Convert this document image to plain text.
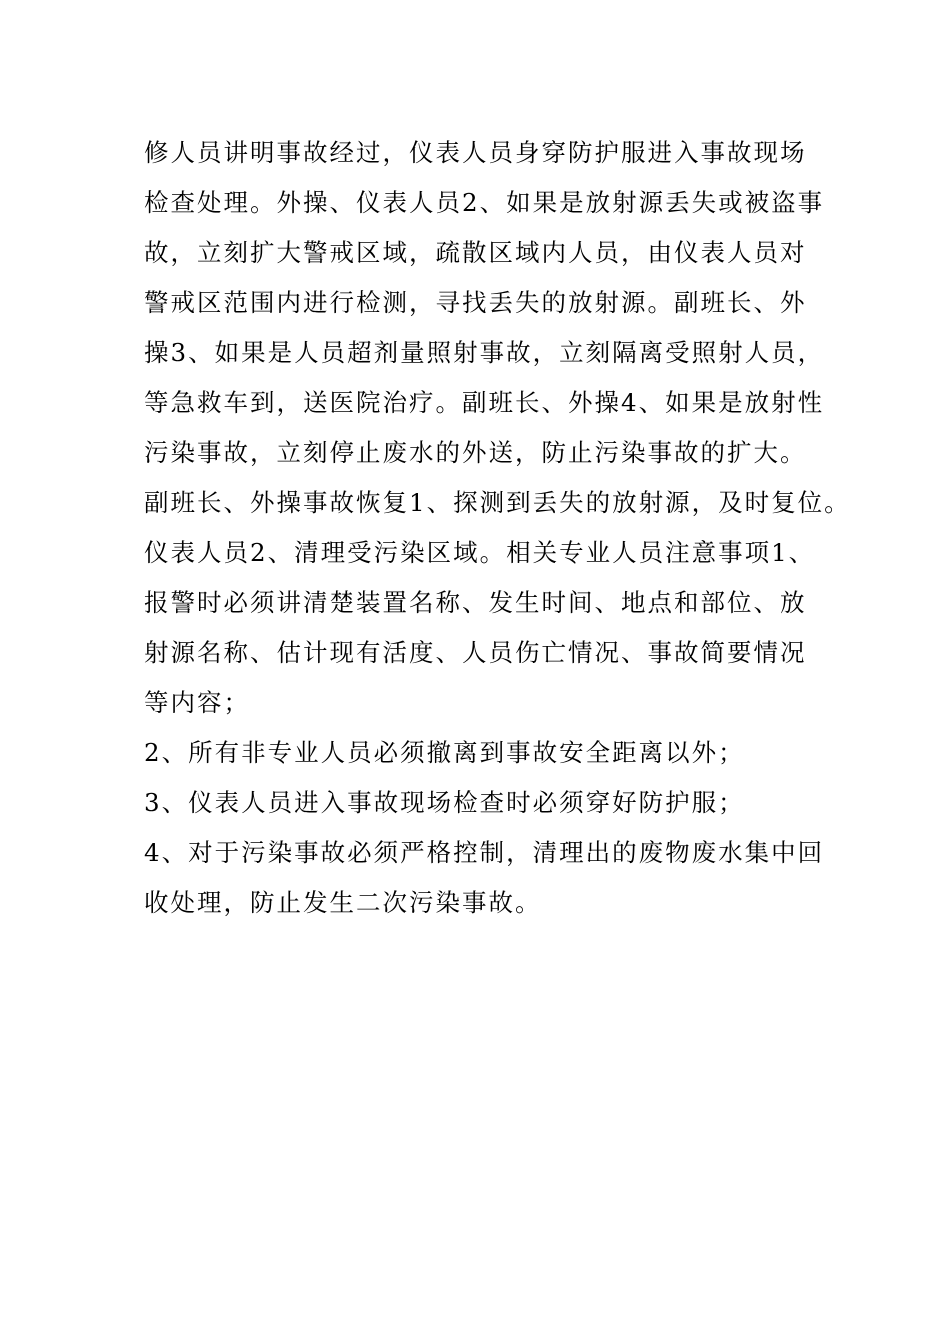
修人员讲明事故经过，仪表人员身穿防护服进入事故现场
检查处理。外操、仪表人员2、如果是放射源丢失或被盗事
故，立刻扩大警戒区域，疏散区域内人员，由仪表人员对
警戒区范围内进行检测，寻找丢失的放射源。副班长、外
操3、如果是人员超剂量照射事故，立刻隔离受照射人员，
等急救车到，送医院治疗。副班长、外操4、如果是放射性
污染事故，立刻停止废水的外送，防止污染事故的扩大。
副班长、外操事故恢复1、探测到丢失的放射源，及时复位。
仪表人员2、清理受污染区域。相关专业人员注意事项1、
报警时必须讲清楚装置名称、发生时间、地点和部位、放
射源名称、估计现有活度、人员伤亡情况、事故简要情况
等内容；
2、所有非专业人员必须撤离到事故安全距离以外；
3、仪表人员进入事故现场检查时必须穿好防护服；
4、对于污染事故必须严格控制，清理出的废物废水集中回
收处理，防止发生二次污染事故。
